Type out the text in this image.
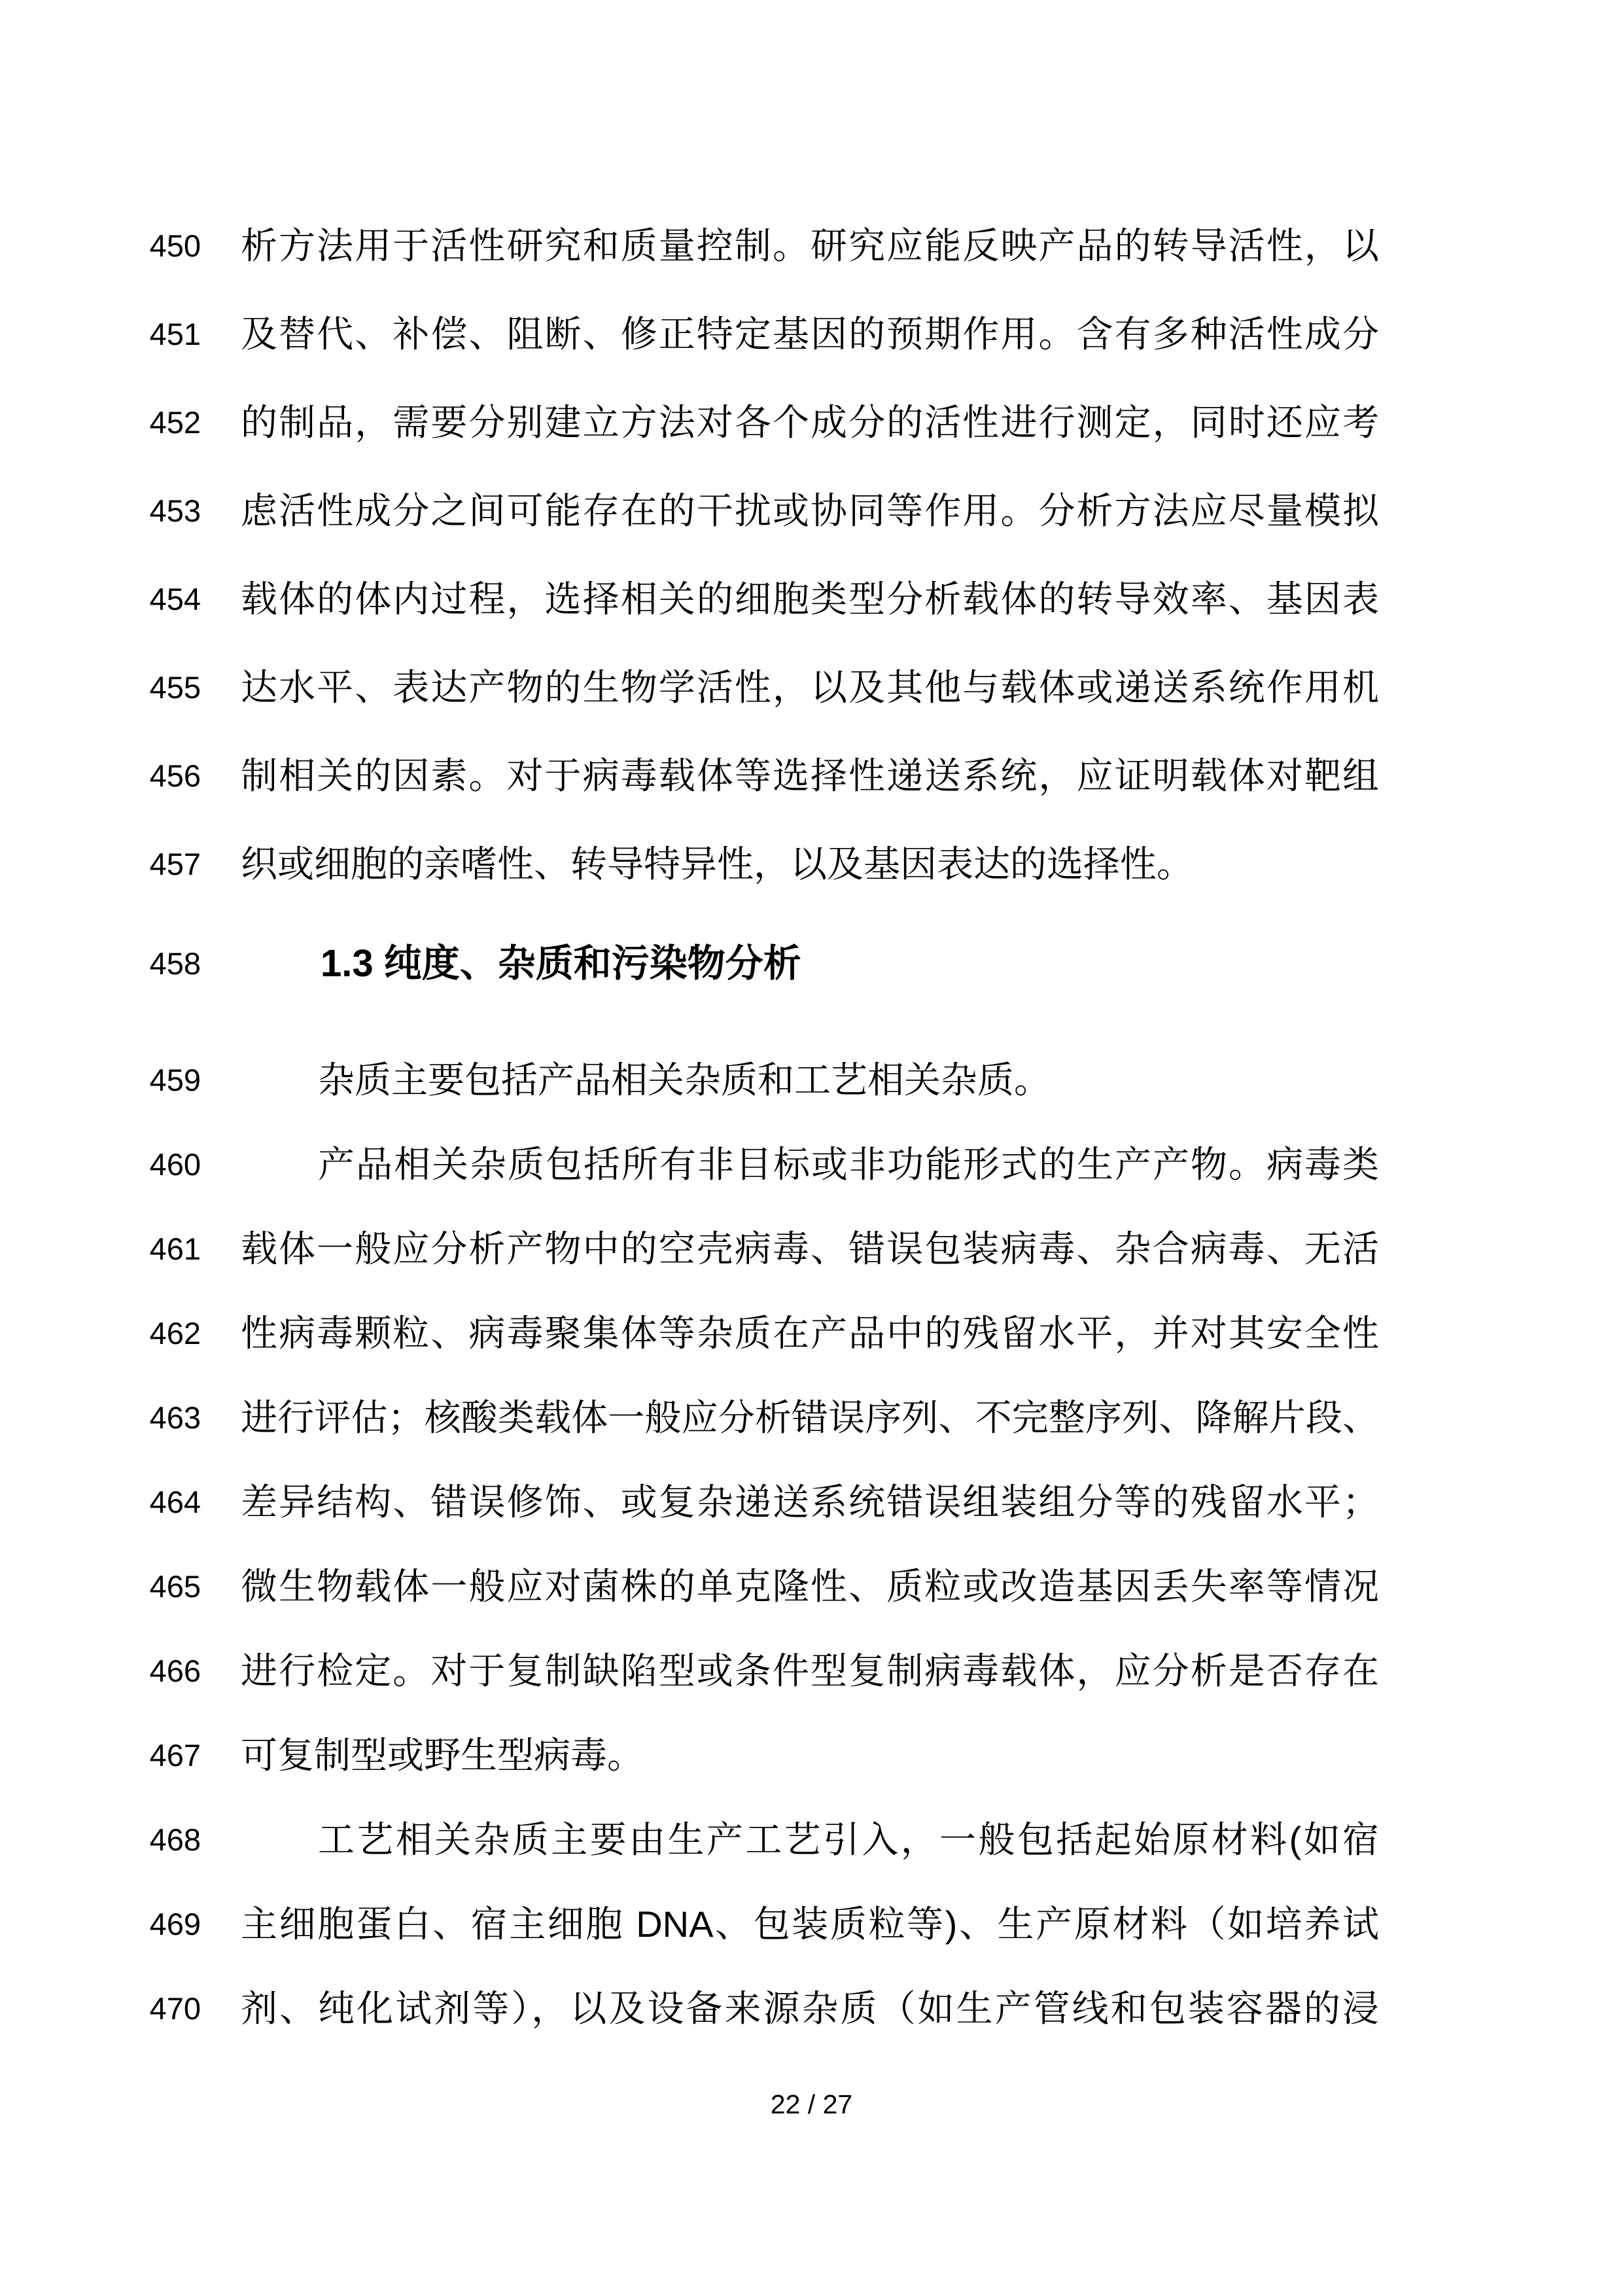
450 析方法用于活性研究和质量控制。研究应能反映产品的转导活性，以
451 及替代、补偿、阻断、修正特定基因的预期作用。含有多种活性成分
452 的制品，需要分别建立方法对各个成分的活性进行测定，同时还应考
453 虑活性成分之间可能存在的干扰或协同等作用。分析方法应尽量模拟
454 载体的体内过程，选择相关的细胞类型分析载体的转导效率、基因表
455 达水平、表达产物的生物学活性，以及其他与载体或递送系统作用机
456 制相关的因素。对于病毒载体等选择性递送系统，应证明载体对靶组
457 织或细胞的亲嗜性、转导特异性，以及基因表达的选择性。
458	1.3 纯度、杂质和污染物分析
459	杂质主要包括产品相关杂质和工艺相关杂质。
460	产品相关杂质包括所有非目标或非功能形式的生产产物。病毒类
461 载体一般应分析产物中的空壳病毒、错误包装病毒、杂合病毒、无活
462 性病毒颗粒、病毒聚集体等杂质在产品中的残留水平，并对其安全性
463 进行评估；核酸类载体一般应分析错误序列、不完整序列、降解片段、
464 差异结构、错误修饰、或复杂递送系统错误组装组分等的残留水平；
465 微生物载体一般应对菌株的单克隆性、质粒或改造基因丢失率等情况
466 进行检定。对于复制缺陷型或条件型复制病毒载体，应分析是否存在
467 可复制型或野生型病毒。
468	工艺相关杂质主要由生产工艺引入，一般包括起始原材料(如宿
469 主细胞蛋白、宿主细胞 DNA、包装质粒等)、生产原材料（如培养试
470 剂、纯化试剂等），以及设备来源杂质（如生产管线和包装容器的浸
22 / 27
